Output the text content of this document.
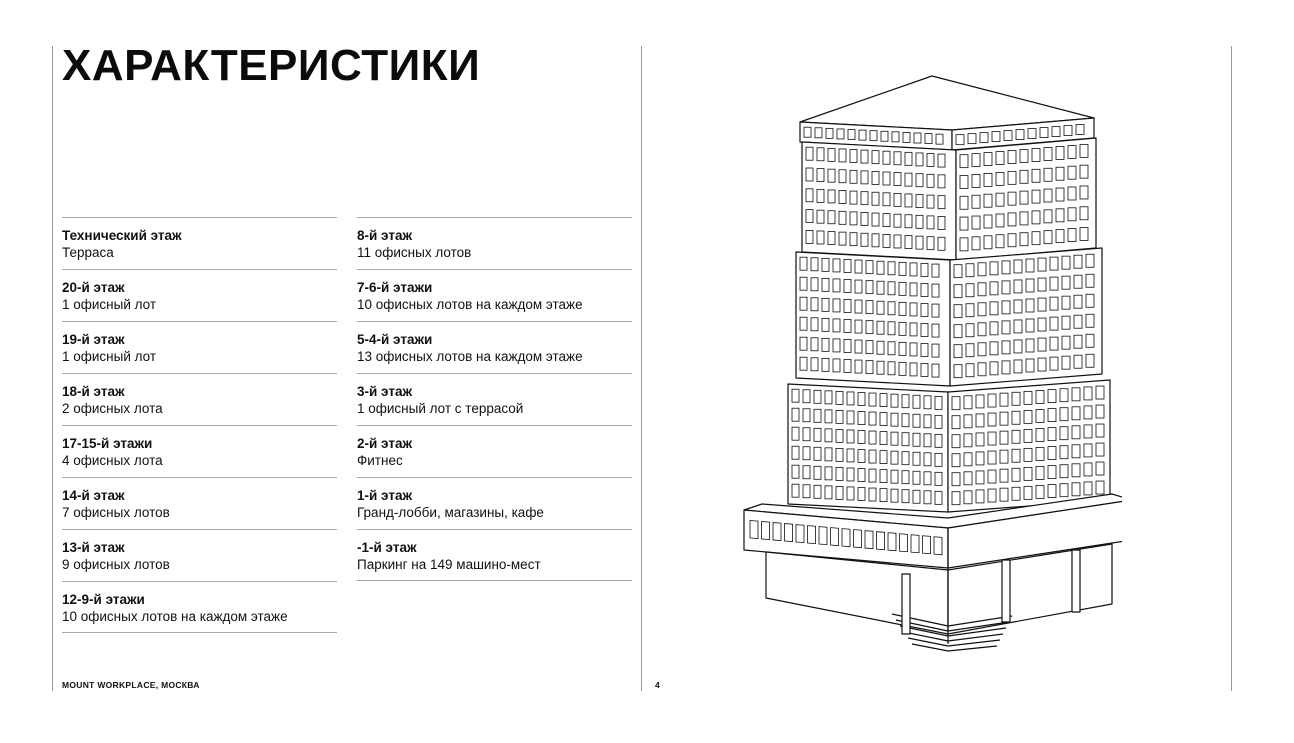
ХАРАКТЕРИСТИКИ
Технический этаж
Терраса
20-й этаж
1 офисный лот
19-й этаж
1 офисный лот
18-й этаж
2 офисных лота
17-15-й этажи
4 офисных лота
14-й этаж
7 офисных лотов
13-й этаж
9 офисных лотов
12-9-й этажи
10 офисных лотов на каждом этаже
8-й этаж
11 офисных лотов
7-6-й этажи
10 офисных лотов на каждом этаже
5-4-й этажи
13 офисных лотов на каждом этаже
3-й этаж
1 офисный лот с террасой
2-й этаж
Фитнес
1-й этаж
Гранд-лобби, магазины, кафе
-1-й этаж
Паркинг на 149 машино-мест
MOUNT WORKPLACE, МОСКВА	4
